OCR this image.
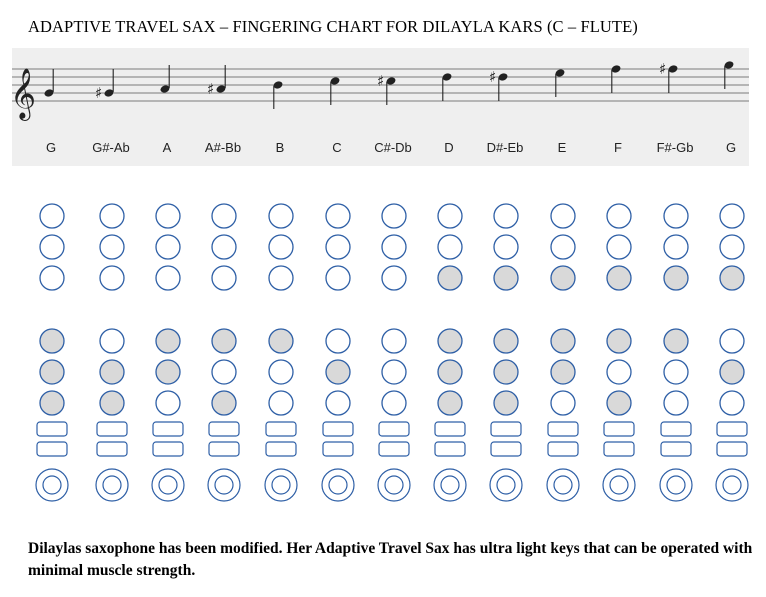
ADAPTIVE TRAVEL SAX – FINGERING CHART FOR DILAYLA KARS (C – FLUTE)
𝄞	♯	♯	♯	♯	♯
G	G#-Ab	A	A#-Bb	B	C	C#-Db	D	D#-Eb	E	F	F#-Gb	G
Dilaylas saxophone has been modified. Her Adaptive Travel Sax has ultra light keys that can be operated with minimal muscle strength.
